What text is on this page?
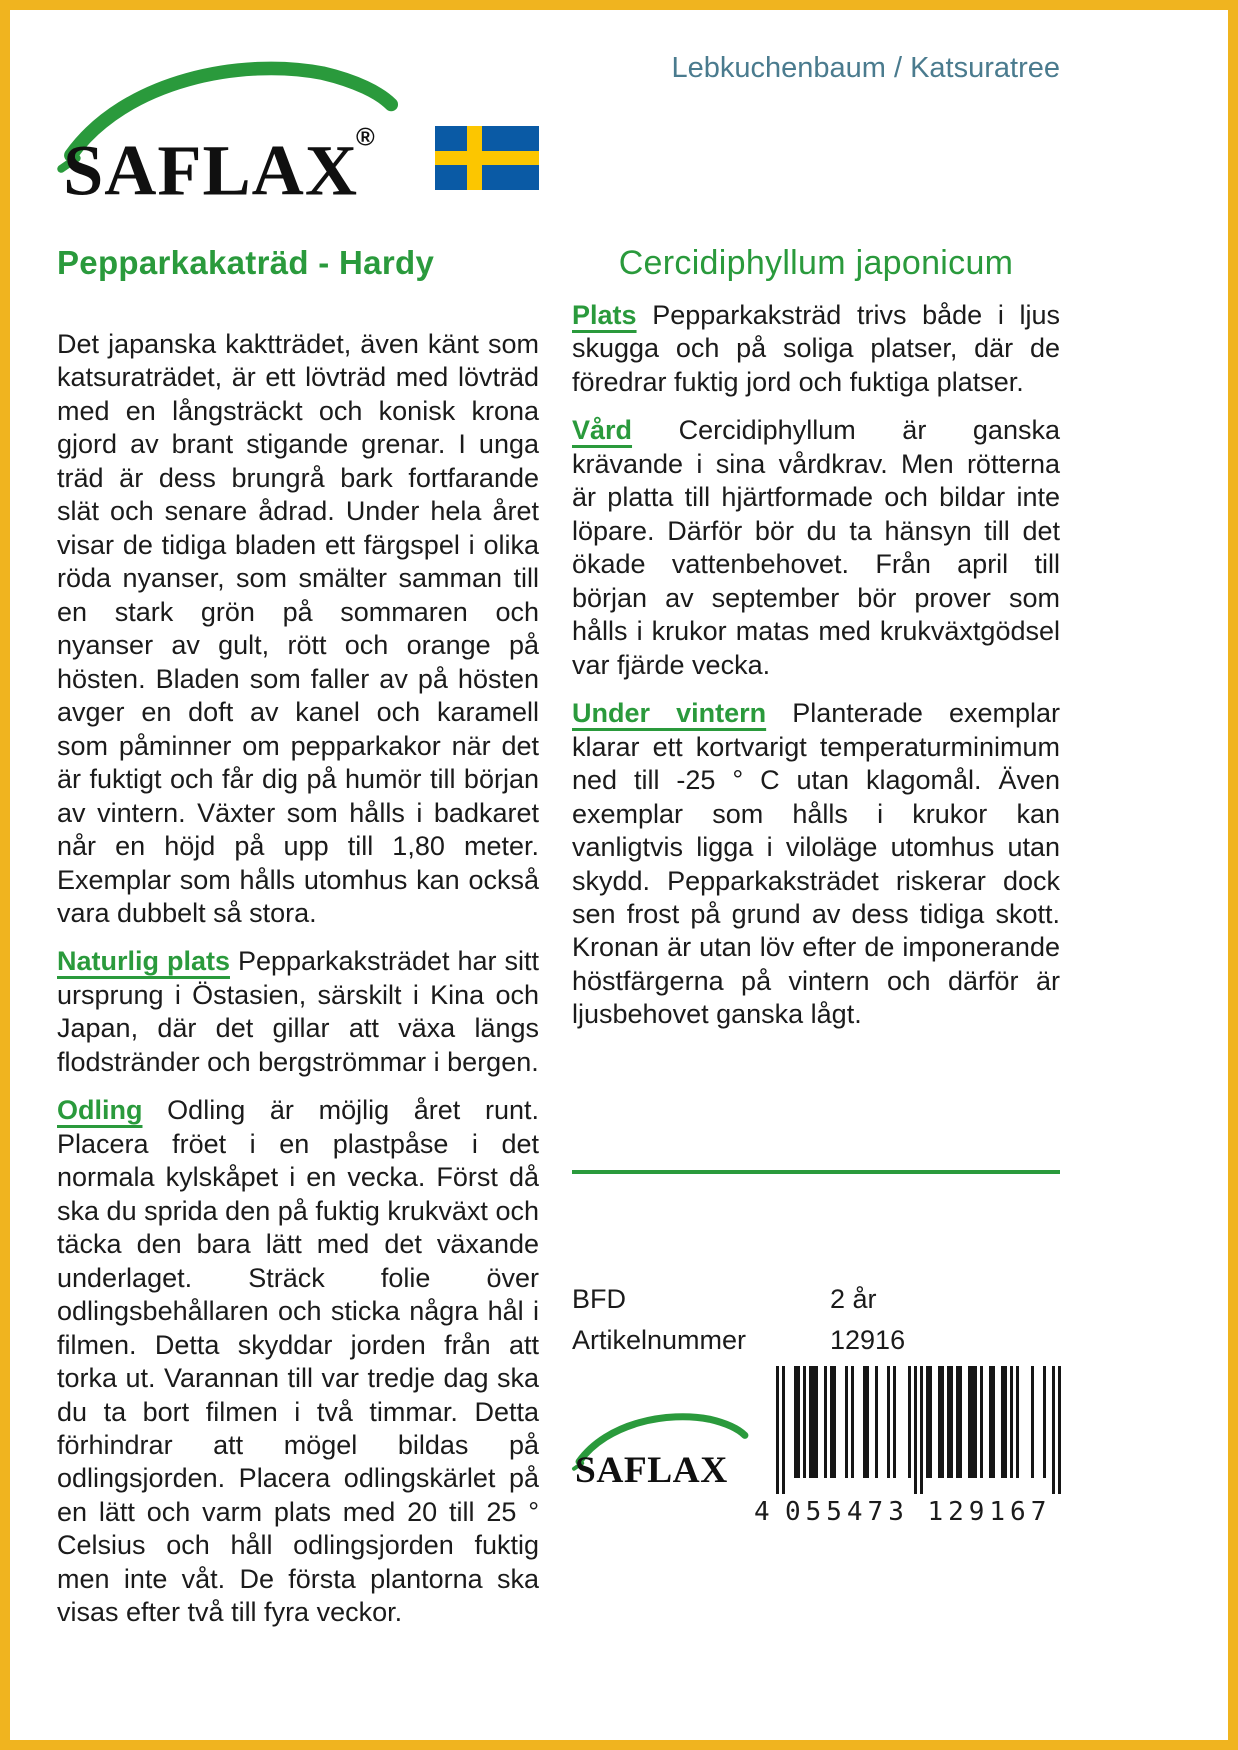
SAFLAX
®
Lebkuchenbaum / Katsuratree
Pepparkakaträd - Hardy

Det japanska kaktträdet, även känt som katsuraträdet, är ett lövträd med lövträd med en långsträckt och konisk krona gjord av brant stigande grenar. I unga träd är dess brungrå bark fortfarande slät och senare ådrad. Under hela året visar de tidiga bladen ett färgspel i olika röda nyanser, som smälter samman till en stark grön på sommaren och nyanser av gult, rött och orange på hösten. Bladen som faller av på hösten avger en doft av kanel och karamell som påminner om pepparkakor när det är fuktigt och får dig på humör till början av vintern. Växter som hålls i badkaret når en höjd på upp till 1,80 meter. Exemplar som hålls utomhus kan också vara dubbelt så stora.

Naturlig plats Pepparkaksträdet har sitt ursprung i Östasien, särskilt i Kina och Japan, där det gillar att växa längs flodstränder och bergströmmar i bergen.

Odling Odling är möjlig året runt. Placera fröet i en plastpåse i det normala kylskåpet i en vecka. Först då ska du sprida den på fuktig krukväxt och täcka den bara lätt med det växande underlaget. Sträck folie över odlingsbehållaren och sticka några hål i filmen. Detta skyddar jorden från att torka ut. Varannan till var tredje dag ska du ta bort filmen i två timmar. Detta förhindrar att mögel bildas på odlingsjorden. Placera odlingskärlet på en lätt och varm plats med 20 till 25 ° Celsius och håll odlingsjorden fuktig men inte våt. De första plantorna ska visas efter två till fyra veckor.

Cercidiphyllum japonicum

Plats Pepparkaksträd trivs både i ljus skugga och på soliga platser, där de föredrar fuktig jord och fuktiga platser.

Vård Cercidiphyllum är ganska krävande i sina vårdkrav. Men rötterna är platta till hjärtformade och bildar inte löpare. Därför bör du ta hänsyn till det ökade vattenbehovet. Från april till början av september bör prover som hålls i krukor matas med krukväxtgödsel var fjärde vecka.

Under vintern Planterade exemplar klarar ett kortvarigt temperaturminimum ned till -25 ° C utan klagomål. Även exemplar som hålls i krukor kan vanligtvis ligga i viloläge utomhus utan skydd. Pepparkaksträdet riskerar dock sen frost på grund av dess tidiga skott. Kronan är utan löv efter de imponerande höstfärgerna på vintern och därför är ljusbehovet ganska lågt.

BFD	2 år
Artikelnummer	12916
SAFLAX
4 055473 129167
